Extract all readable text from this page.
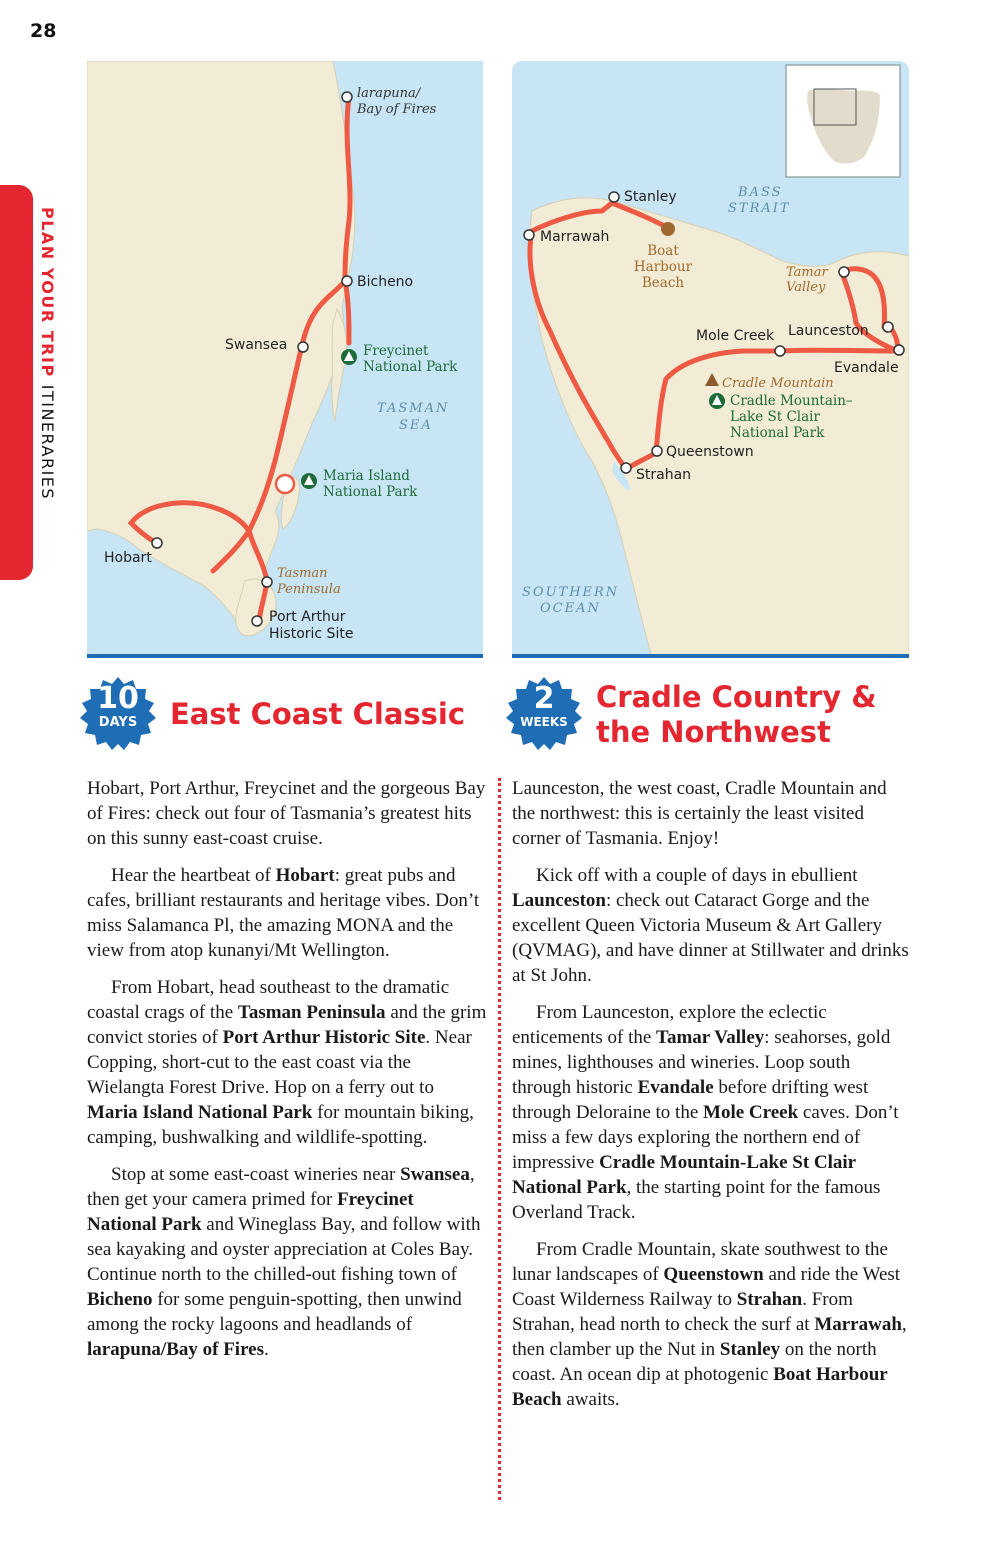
28
PLAN YOUR TRIP ITINERARIES
larapuna/
Bay of Fires
Bicheno
Swansea	Freycinet
National Park
TASMAN
SEA
Maria Island
National Park
Hobart
Tasman
Peninsula
Port Arthur
Historic Site
Stanley
Marrawah
BASS
STRAIT
Boat
Harbour
Beach
Tamar
Valley
Mole Creek Launceston
Evandale
Cradle Mountain
Cradle Mountain–
Lake St Clair
National Park
Queenstown
Strahan
SOUTHERN
OCEAN
10
DAYS	East Coast Classic	2
WEEKS
Cradle Country &
the Northwest

Hobart, Port Arthur, Freycinet and the gorgeous Bay of Fires: check out four of Tasmania’s greatest hits on this sunny east-coast cruise.

Hear the heartbeat of Hobart: great pubs and cafes, brilliant restaurants and heritage vibes. Don’t miss Salamanca Pl, the amazing MONA and the view from atop kunanyi/Mt Wellington.

From Hobart, head southeast to the dramatic coastal crags of the Tasman Peninsula and the grim convict stories of Port Arthur Historic Site. Near Copping, short-cut to the east coast via the Wielangta Forest Drive. Hop on a ferry out to Maria Island National Park for mountain biking, camping, bushwalking and wildlife-spotting.

Stop at some east-coast wineries near Swansea, then get your camera primed for Freycinet National Park and Wineglass Bay, and follow with sea kayaking and oyster appreciation at Coles Bay. Continue north to the chilled-out fishing town of Bicheno for some penguin-spotting, then unwind among the rocky lagoons and headlands of larapuna/Bay of Fires.

Launceston, the west coast, Cradle Mountain and the northwest: this is certainly the least visited corner of Tasmania. Enjoy!

Kick off with a couple of days in ebullient Launceston: check out Cataract Gorge and the excellent Queen Victoria Museum & Art Gallery (QVMAG), and have dinner at Stillwater and drinks at St John.

From Launceston, explore the eclectic enticements of the Tamar Valley: seahorses, gold mines, lighthouses and wineries. Loop south through historic Evandale before drifting west through Deloraine to the Mole Creek caves. Don’t miss a few days exploring the northern end of impressive Cradle Mountain-Lake St Clair National Park, the starting point for the famous Overland Track.

From Cradle Mountain, skate southwest to the lunar landscapes of Queenstown and ride the West Coast Wilderness Railway to Strahan. From Strahan, head north to check the surf at Marrawah, then clamber up the Nut in Stanley on the north coast. An ocean dip at photogenic Boat Harbour Beach awaits.
